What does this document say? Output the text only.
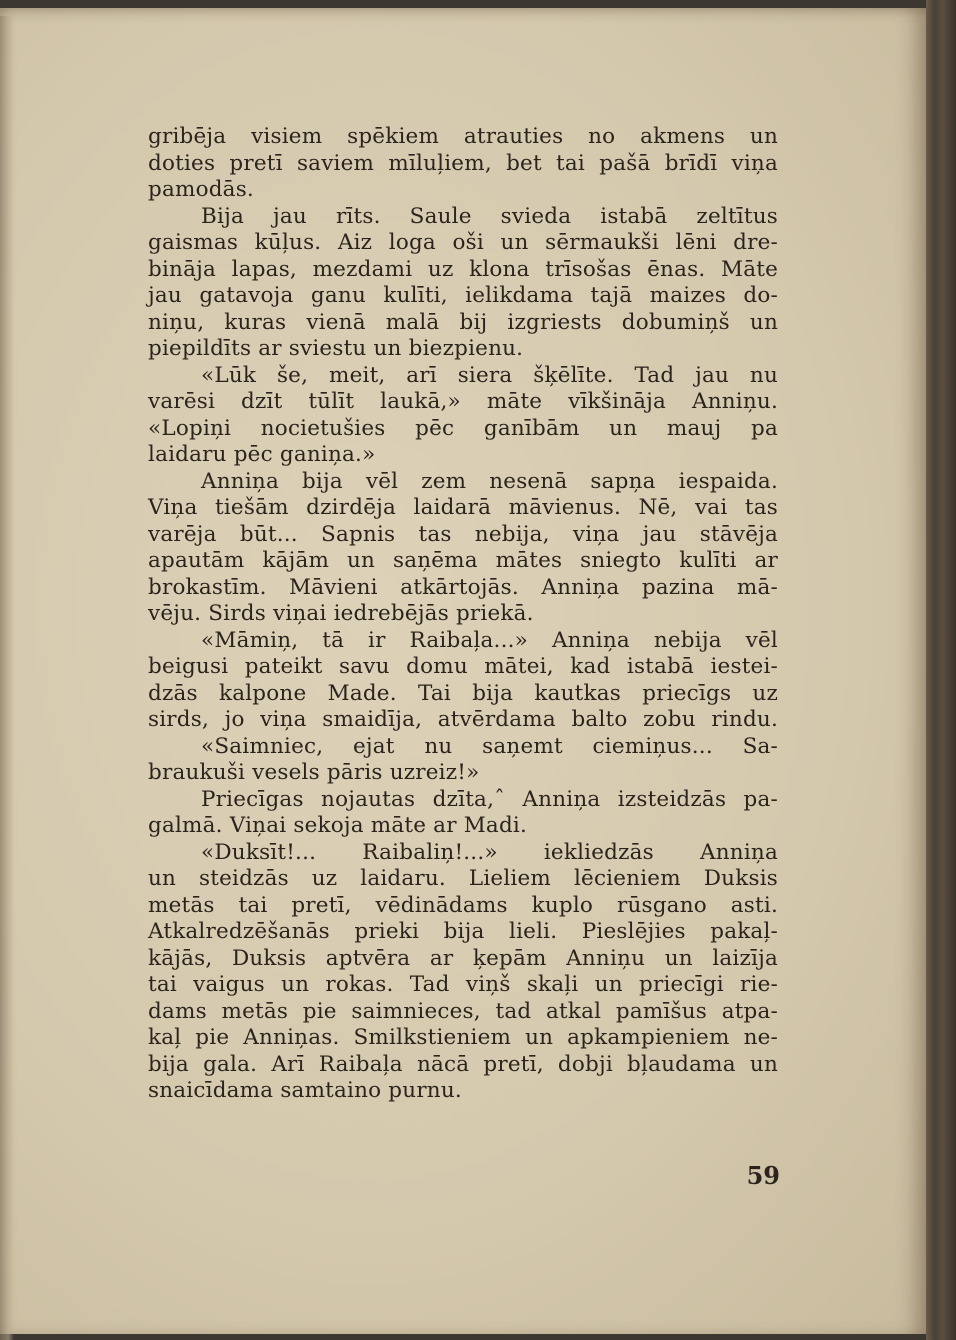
gribēja visiem spēkiem atrauties no akmens un
doties pretī saviem mīluļiem, bet tai pašā brīdī viņa
pamodās.
Bija jau rīts. Saule svieda istabā zeltītus
gaismas kūļus. Aiz loga oši un sērmaukši lēni dre-
bināja lapas, mezdami uz klona trīsošas ēnas. Māte
jau gatavoja ganu kulīti, ielikdama tajā maizes do-
niņu, kuras vienā malā bij izgriests dobumiņš un
piepildīts ar sviestu un biezpienu.
«Lūk še, meit, arī siera šķēlīte. Tad jau nu
varēsi dzīt tūlīt laukā,» māte vīkšināja Anniņu.
«Lopiņi nocietušies pēc ganībām un mauj pa
laidaru pēc ganiņa.»
Anniņa bija vēl zem nesenā sapņa iespaida.
Viņa tiešām dzirdēja laidarā māvienus. Nē, vai tas
varēja būt... Sapnis tas nebija, viņa jau stāvēja
apautām kājām un saņēma mātes sniegto kulīti ar
brokastīm. Māvieni atkārtojās. Anniņa pazina mā-
vēju. Sirds viņai iedrebējās priekā.
«Māmiņ, tā ir Raibaļa...» Anniņa nebija vēl
beigusi pateikt savu domu mātei, kad istabā iestei-
dzās kalpone Made. Tai bija kautkas priecīgs uz
sirds, jo viņa smaidīja, atvērdama balto zobu rindu.
«Saimniec, ejat nu saņemt ciemiņus... Sa-
braukuši vesels pāris uzreiz!»
Priecīgas nojautas dzīta,ˆ Anniņa izsteidzās pa-
galmā. Viņai sekoja māte ar Madi.
«Duksīt!... Raibaliņ!...» iekliedzās Anniņa
un steidzās uz laidaru. Lieliem lēcieniem Duksis
metās tai pretī, vēdinādams kuplo rūsgano asti.
Atkalredzēšanās prieki bija lieli. Pieslējies pakaļ-
kājās, Duksis aptvēra ar ķepām Anniņu un laizīja
tai vaigus un rokas. Tad viņš skaļi un priecīgi rie-
dams metās pie saimnieces, tad atkal pamīšus atpa-
kaļ pie Anniņas. Smilkstieniem un apkampieniem ne-
bija gala. Arī Raibaļa nācā pretī, dobji bļaudama un
snaicīdama samtaino purnu.
59
